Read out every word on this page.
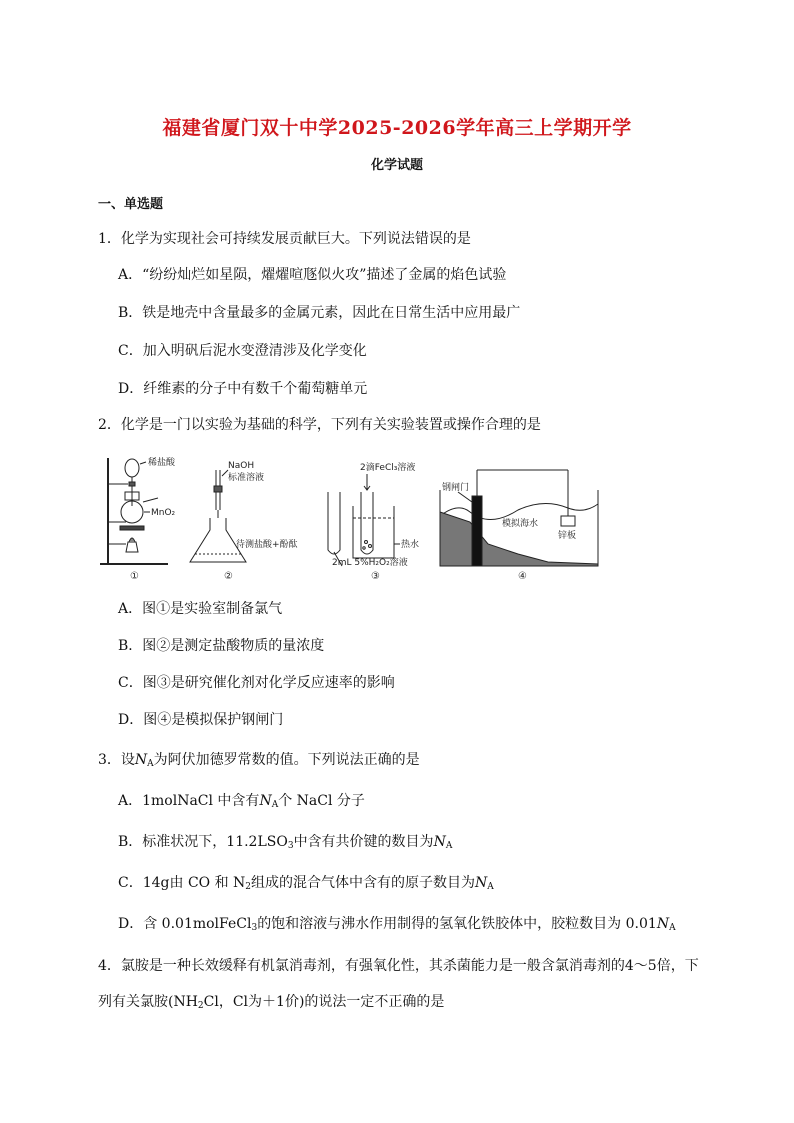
福建省厦门双十中学2025-2026学年高三上学期开学
化学试题
一、单选题
1．化学为实现社会可持续发展贡献巨大。下列说法错误的是
A．“纷纷灿烂如星陨，燿燿喧豗似火攻”描述了金属的焰色试验
B．铁是地壳中含量最多的金属元素，因此在日常生活中应用最广
C．加入明矾后泥水变澄清涉及化学变化
D．纤维素的分子中有数千个葡萄糖单元
2．化学是一门以实验为基础的科学，下列有关实验装置或操作合理的是
稀盐酸
MnO₂
①
NaOH
标准溶液
待测盐酸+酚酞
②
2滴FeCl₃溶液
热水
2mL 5%H₂O₂溶液
③
钢闸门
模拟海水
锌板
④
A．图①是实验室制备氯气
B．图②是测定盐酸物质的量浓度
C．图③是研究催化剂对化学反应速率的影响
D．图④是模拟保护钢闸门
3．设$N_A$为阿伏加德罗常数的值。下列说法正确的是
A．1molNaCl 中含有$N_A$个 NaCl 分子
B．标准状况下，$11.2LSO_3$中含有共价键的数目为$N_A$
C．14g由 CO 和 $N_2$组成的混合气体中含有的原子数目为$N_A$
D．含 0.01molFeCl$_3$的饱和溶液与沸水作用制得的氢氧化铁胶体中，胶粒数目为 $0.01N_A$
4．氯胺是一种长效缓释有机氯消毒剂，有强氧化性，其杀菌能力是一般含氯消毒剂的4～5倍，下
列有关氯胺($NH_2Cl$，Cl为＋1价)的说法一定不正确的是
